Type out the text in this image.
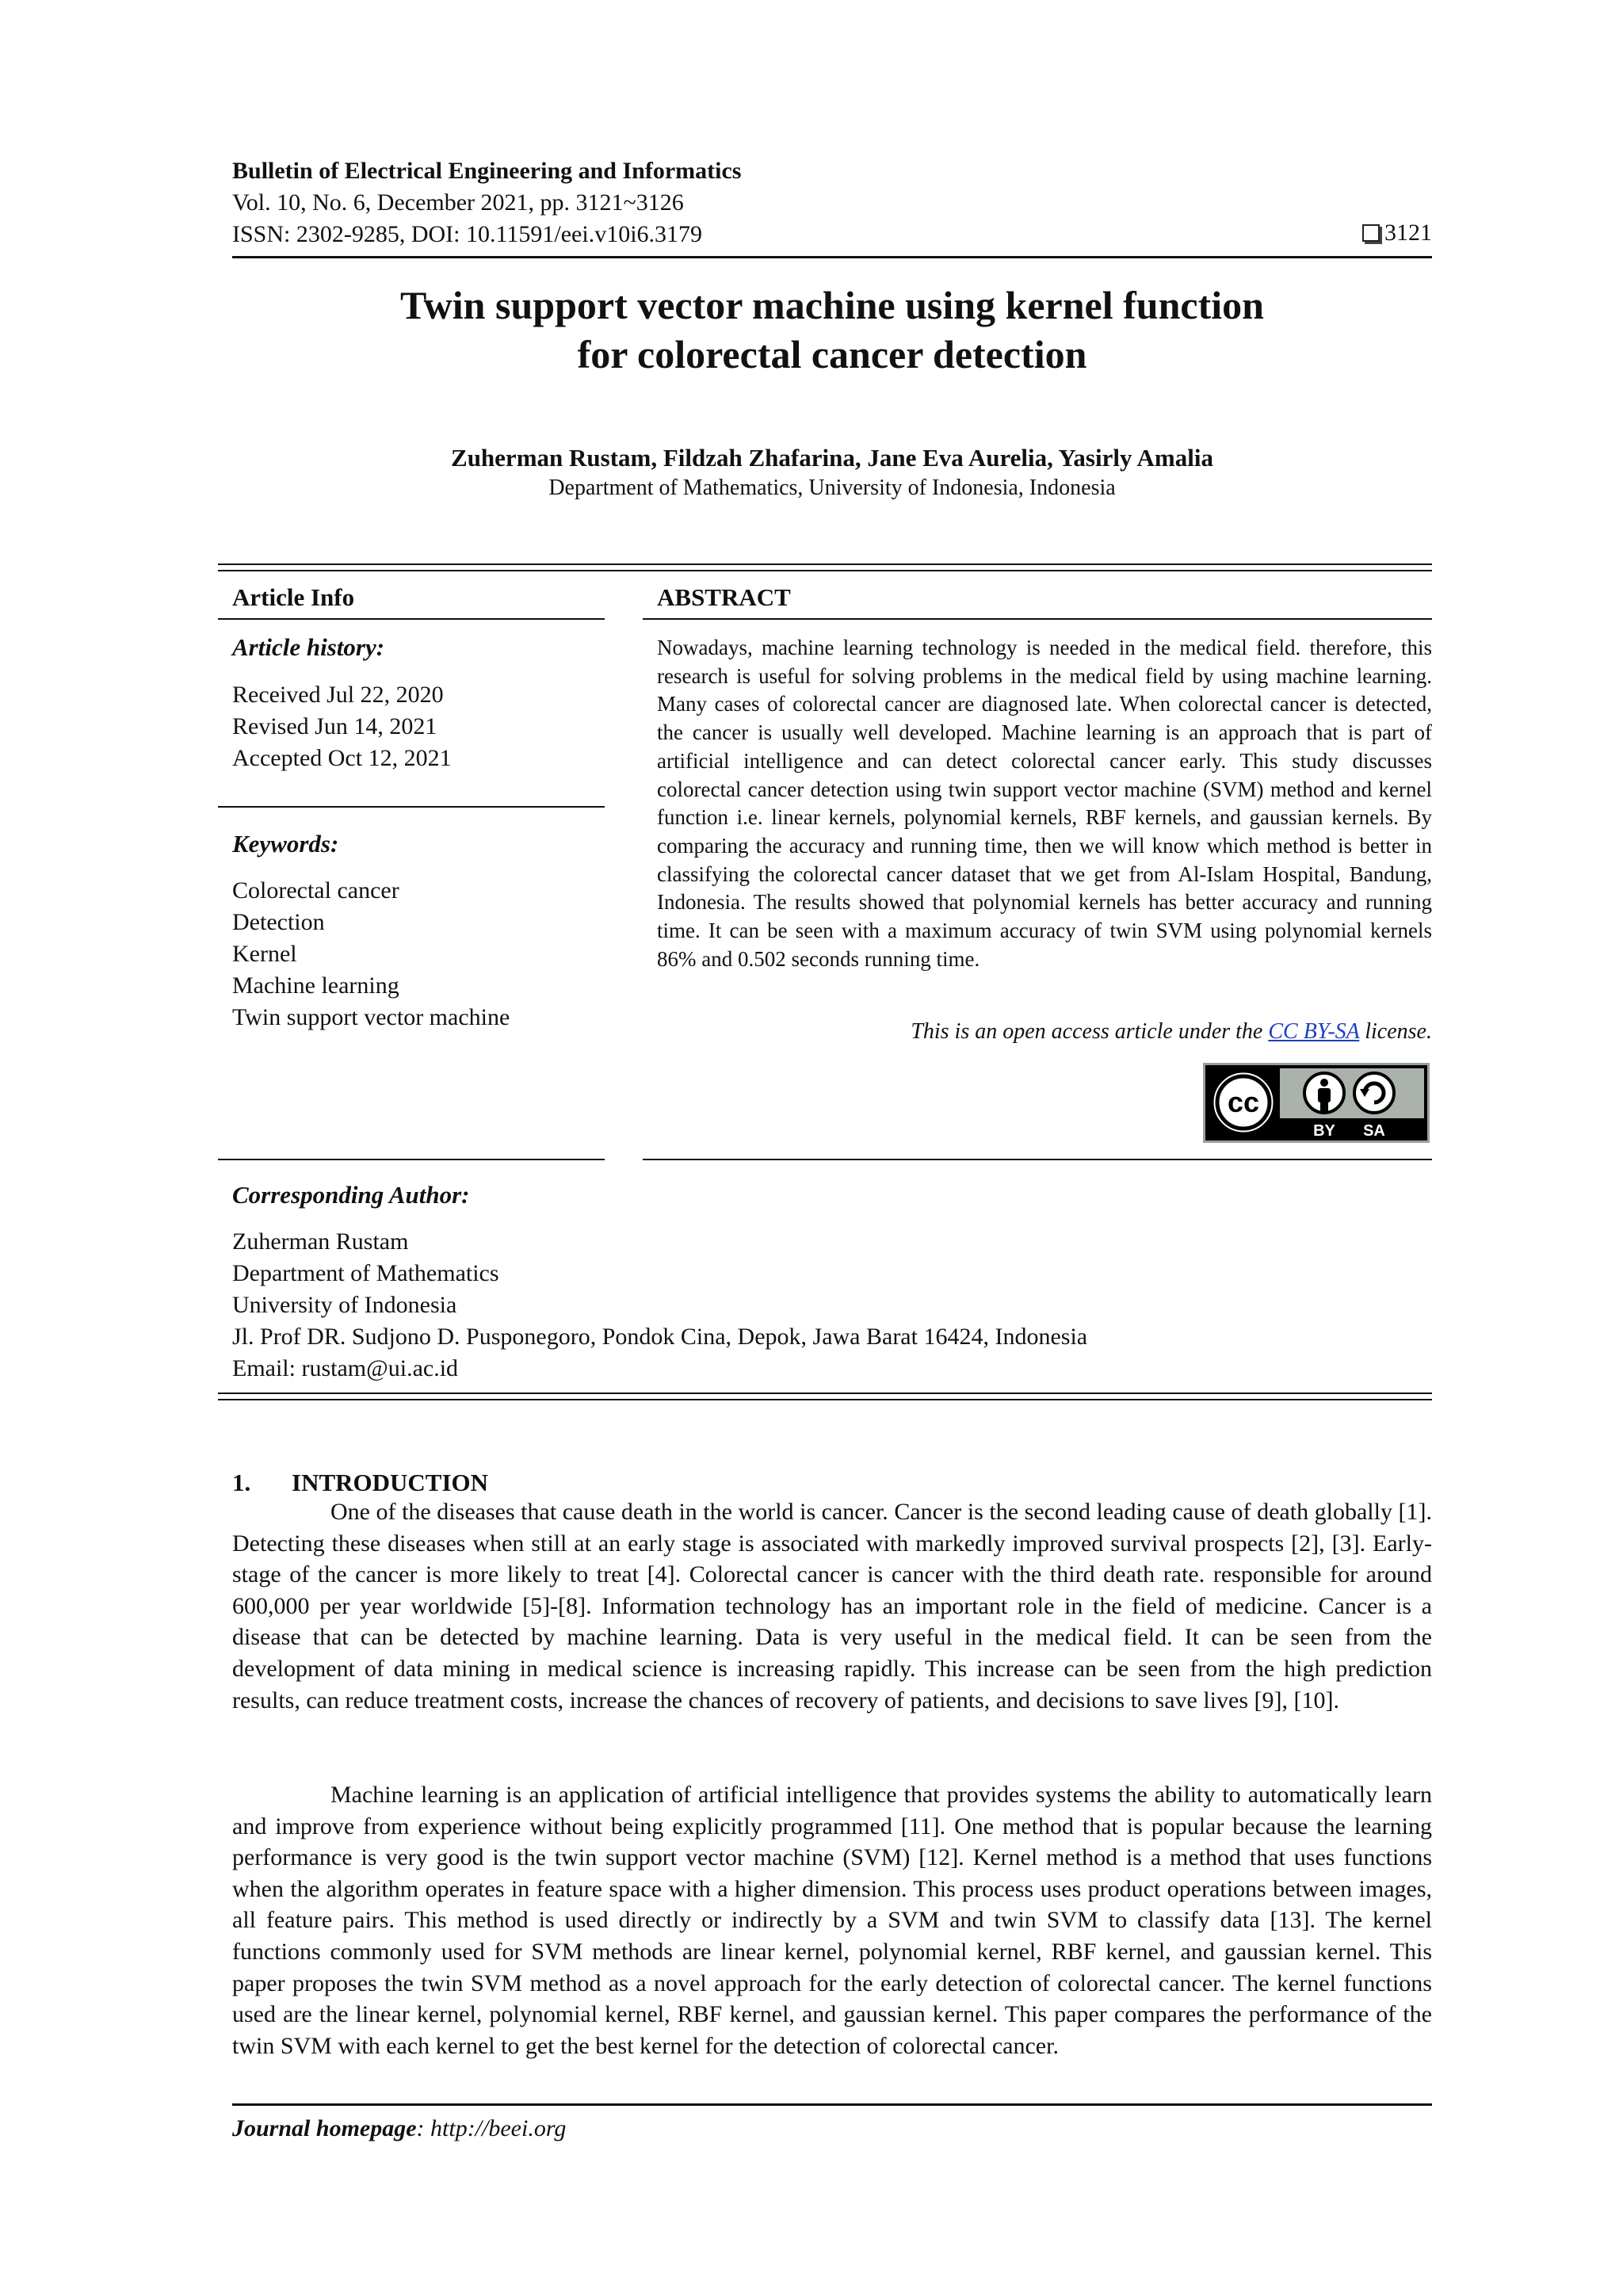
Bulletin of Electrical Engineering and Informatics
Vol. 10, No. 6, December 2021, pp. 3121~3126
ISSN: 2302-9285, DOI: 10.11591/eei.v10i6.3179	3121
Twin support vector machine using kernel function
for colorectal cancer detection
Zuherman Rustam, Fildzah Zhafarina, Jane Eva Aurelia, Yasirly Amalia
Department of Mathematics, University of Indonesia, Indonesia
Article Info	ABSTRACT
Article history:
Received Jul 22, 2020
Revised Jun 14, 2021
Accepted Oct 12, 2021
Keywords:
Colorectal cancer
Detection
Kernel
Machine learning
Twin support vector machine

Nowadays, machine learning technology is needed in the medical field. therefore, this research is useful for solving problems in the medical field by using machine learning. Many cases of colorectal cancer are diagnosed late. When colorectal cancer is detected, the cancer is usually well developed. Machine learning is an approach that is part of artificial intelligence and can detect colorectal cancer early. This study discusses colorectal cancer detection using twin support vector machine (SVM) method and kernel function i.e. linear kernels, polynomial kernels, RBF kernels, and gaussian kernels. By comparing the accuracy and running time, then we will know which method is better in classifying the colorectal cancer dataset that we get from Al-Islam Hospital, Bandung, Indonesia. The results showed that polynomial kernels has better accuracy and running time. It can be seen with a maximum accuracy of twin SVM using polynomial kernels 86% and 0.502 seconds running time.

This is an open access article under the CC BY-SA license.
cc
BY SA
Corresponding Author:
Zuherman Rustam
Department of Mathematics
University of Indonesia
Jl. Prof DR. Sudjono D. Pusponegoro, Pondok Cina, Depok, Jawa Barat 16424, Indonesia
Email: rustam@ui.ac.id
1. INTRODUCTION

One of the diseases that cause death in the world is cancer. Cancer is the second leading cause of death globally [1]. Detecting these diseases when still at an early stage is associated with markedly improved survival prospects [2], [3]. Early-stage of the cancer is more likely to treat [4]. Colorectal cancer is cancer with the third death rate. responsible for around 600,000 per year worldwide [5]-[8]. Information technology has an important role in the field of medicine. Cancer is a disease that can be detected by machine learning. Data is very useful in the medical field. It can be seen from the development of data mining in medical science is increasing rapidly. This increase can be seen from the high prediction results, can reduce treatment costs, increase the chances of recovery of patients, and decisions to save lives [9], [10].

Machine learning is an application of artificial intelligence that provides systems the ability to automatically learn and improve from experience without being explicitly programmed [11]. One method that is popular because the learning performance is very good is the twin support vector machine (SVM) [12]. Kernel method is a method that uses functions when the algorithm operates in feature space with a higher dimension. This process uses product operations between images, all feature pairs. This method is used directly or indirectly by a SVM and twin SVM to classify data [13]. The kernel functions commonly used for SVM methods are linear kernel, polynomial kernel, RBF kernel, and gaussian kernel. This paper proposes the twin SVM method as a novel approach for the early detection of colorectal cancer. The kernel functions used are the linear kernel, polynomial kernel, RBF kernel, and gaussian kernel. This paper compares the performance of the twin SVM with each kernel to get the best kernel for the detection of colorectal cancer.

Journal homepage: http://beei.org
